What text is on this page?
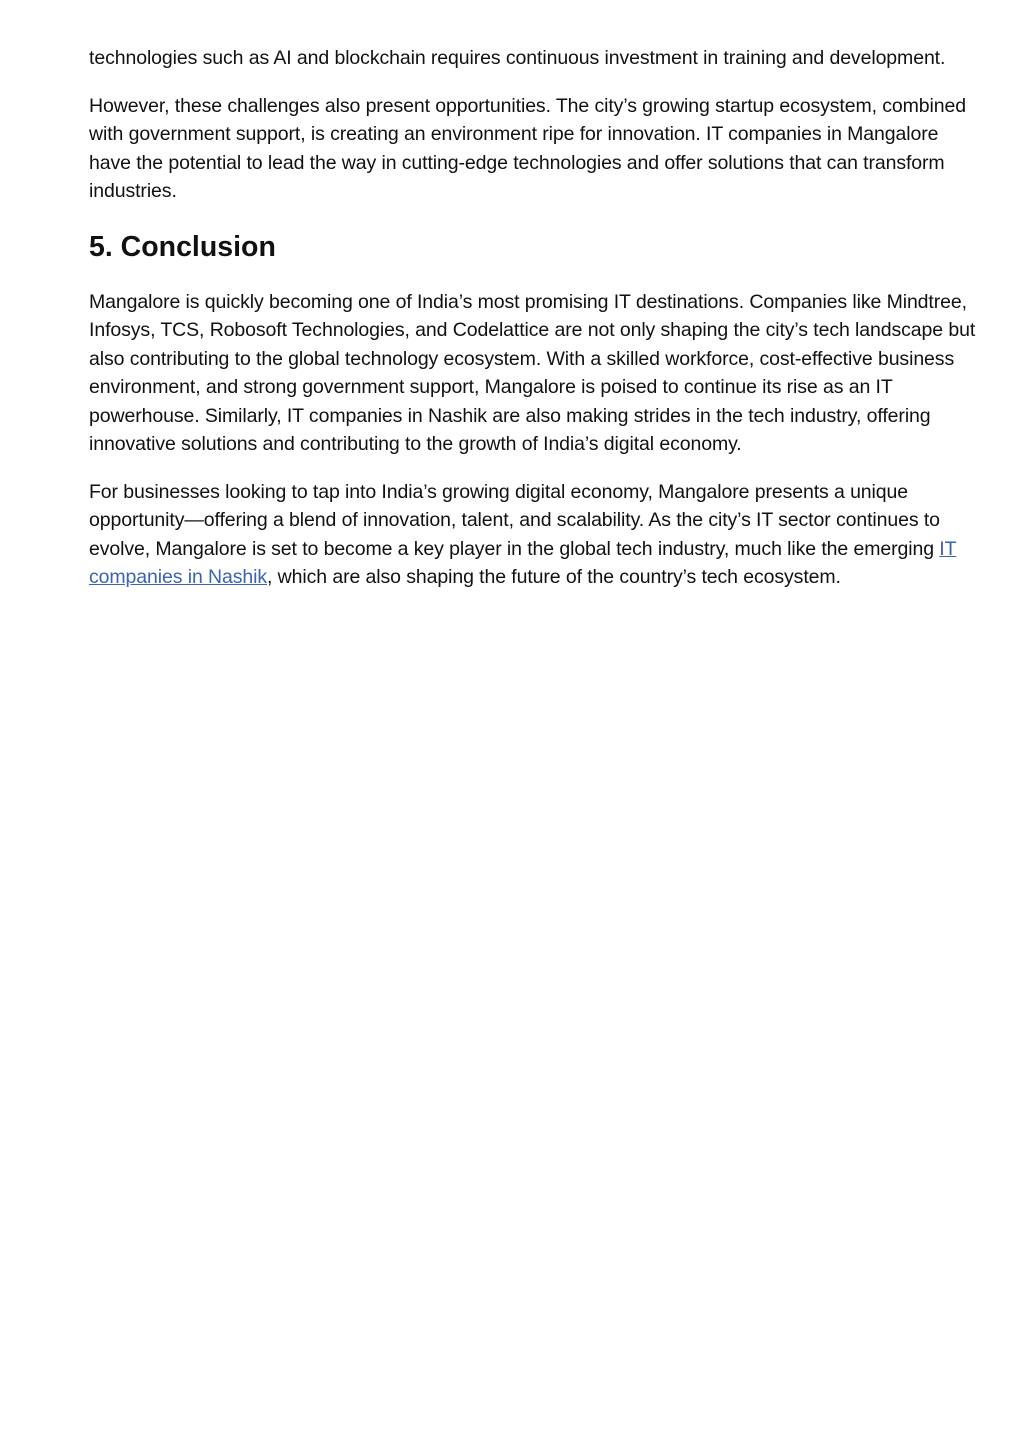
technologies such as AI and blockchain requires continuous investment in training and development.

However, these challenges also present opportunities. The city’s growing startup ecosystem, combined with government support, is creating an environment ripe for innovation. IT companies in Mangalore have the potential to lead the way in cutting-edge technologies and offer solutions that can transform industries.

5. Conclusion

Mangalore is quickly becoming one of India’s most promising IT destinations. Companies like Mindtree, Infosys, TCS, Robosoft Technologies, and Codelattice are not only shaping the city’s tech landscape but also contributing to the global technology ecosystem. With a skilled workforce, cost-effective business environment, and strong government support, Mangalore is poised to continue its rise as an IT powerhouse. Similarly, IT companies in Nashik are also making strides in the tech industry, offering innovative solutions and contributing to the growth of India’s digital economy.

For businesses looking to tap into India’s growing digital economy, Mangalore presents a unique opportunity—offering a blend of innovation, talent, and scalability. As the city’s IT sector continues to evolve, Mangalore is set to become a key player in the global tech industry, much like the emerging IT companies in Nashik, which are also shaping the future of the country’s tech ecosystem.
